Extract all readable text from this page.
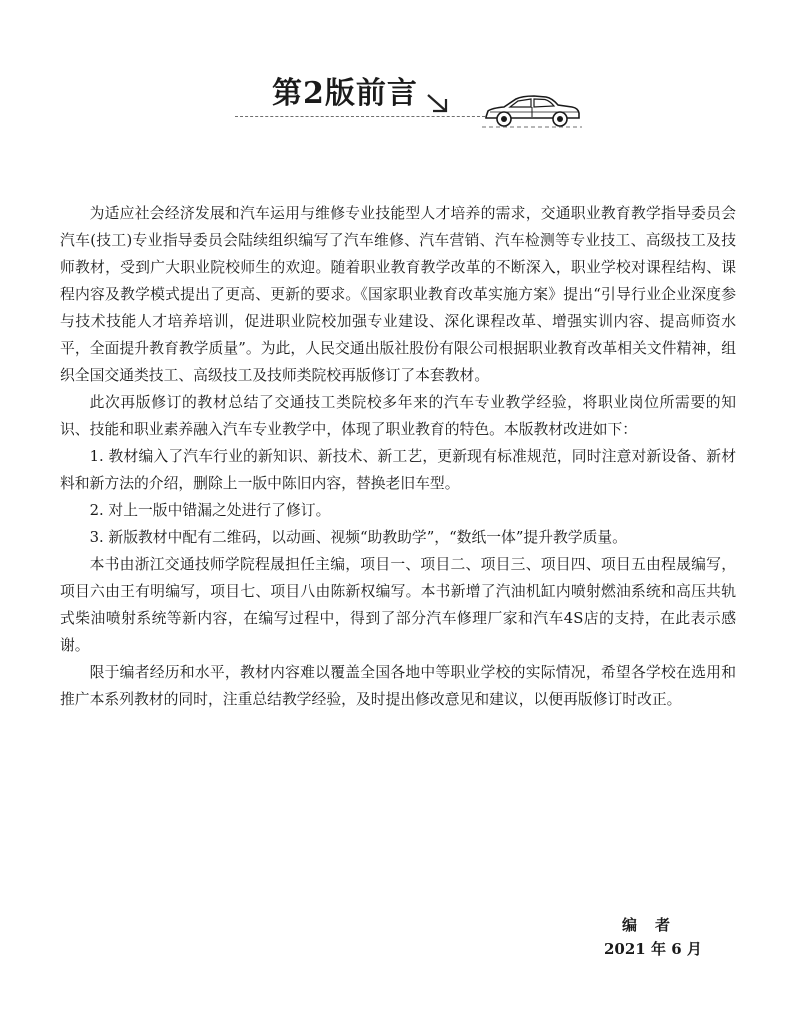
第2版前言

为适应社会经济发展和汽车运用与维修专业技能型人才培养的需求，交通职业教育教学指导委员会汽车(技工)专业指导委员会陆续组织编写了汽车维修、汽车营销、汽车检测等专业技工、高级技工及技师教材，受到广大职业院校师生的欢迎。随着职业教育教学改革的不断深入，职业学校对课程结构、课程内容及教学模式提出了更高、更新的要求。《国家职业教育改革实施方案》提出“引导行业企业深度参与技术技能人才培养培训，促进职业院校加强专业建设、深化课程改革、增强实训内容、提高师资水平，全面提升教育教学质量”。为此，人民交通出版社股份有限公司根据职业教育改革相关文件精神，组织全国交通类技工、高级技工及技师类院校再版修订了本套教材。

此次再版修订的教材总结了交通技工类院校多年来的汽车专业教学经验，将职业岗位所需要的知识、技能和职业素养融入汽车专业教学中，体现了职业教育的特色。本版教材改进如下：

1. 教材编入了汽车行业的新知识、新技术、新工艺，更新现有标准规范，同时注意对新设备、新材料和新方法的介绍，删除上一版中陈旧内容，替换老旧车型。

2. 对上一版中错漏之处进行了修订。

3. 新版教材中配有二维码，以动画、视频“助教助学”，“数纸一体”提升教学质量。

本书由浙江交通技师学院程晟担任主编，项目一、项目二、项目三、项目四、项目五由程晟编写，项目六由王有明编写，项目七、项目八由陈新权编写。本书新增了汽油机缸内喷射燃油系统和高压共轨式柴油喷射系统等新内容，在编写过程中，得到了部分汽车修理厂家和汽车4S店的支持，在此表示感谢。

限于编者经历和水平，教材内容难以覆盖全国各地中等职业学校的实际情况，希望各学校在选用和推广本系列教材的同时，注重总结教学经验，及时提出修改意见和建议，以便再版修订时改正。

编者
2021 年 6 月
